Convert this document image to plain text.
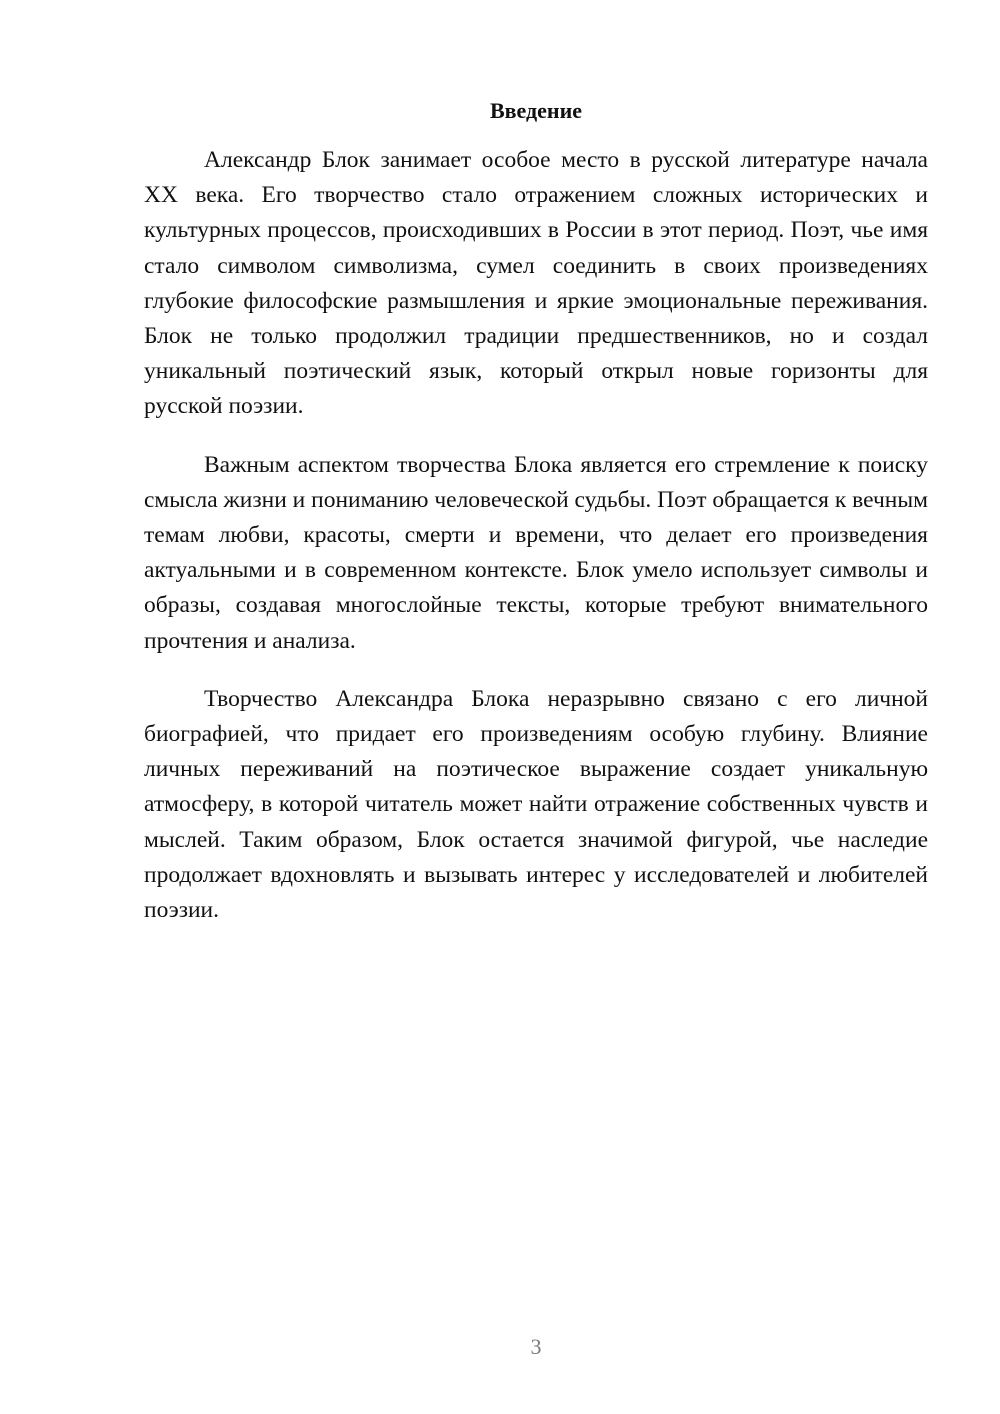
Введение

Александр Блок занимает особое место в русской литературе начала XX века. Его творчество стало отражением сложных исторических и культурных процессов, происходивших в России в этот период. Поэт, чье имя стало символом символизма, сумел соединить в своих произведениях глубокие философские размышления и яркие эмоциональные переживания. Блок не только продолжил традиции предшественников, но и создал уникальный поэтический язык, который открыл новые горизонты для русской поэзии.

Важным аспектом творчества Блока является его стремление к поиску смысла жизни и пониманию человеческой судьбы. Поэт обращается к вечным темам любви, красоты, смерти и времени, что делает его произведения актуальными и в современном контексте. Блок умело использует символы и образы, создавая многослойные тексты, которые требуют внимательного прочтения и анализа.

Творчество Александра Блока неразрывно связано с его личной биографией, что придает его произведениям особую глубину. Влияние личных переживаний на поэтическое выражение создает уникальную атмосферу, в которой читатель может найти отражение собственных чувств и мыслей. Таким образом, Блок остается значимой фигурой, чье наследие продолжает вдохновлять и вызывать интерес у исследователей и любителей поэзии.

3
